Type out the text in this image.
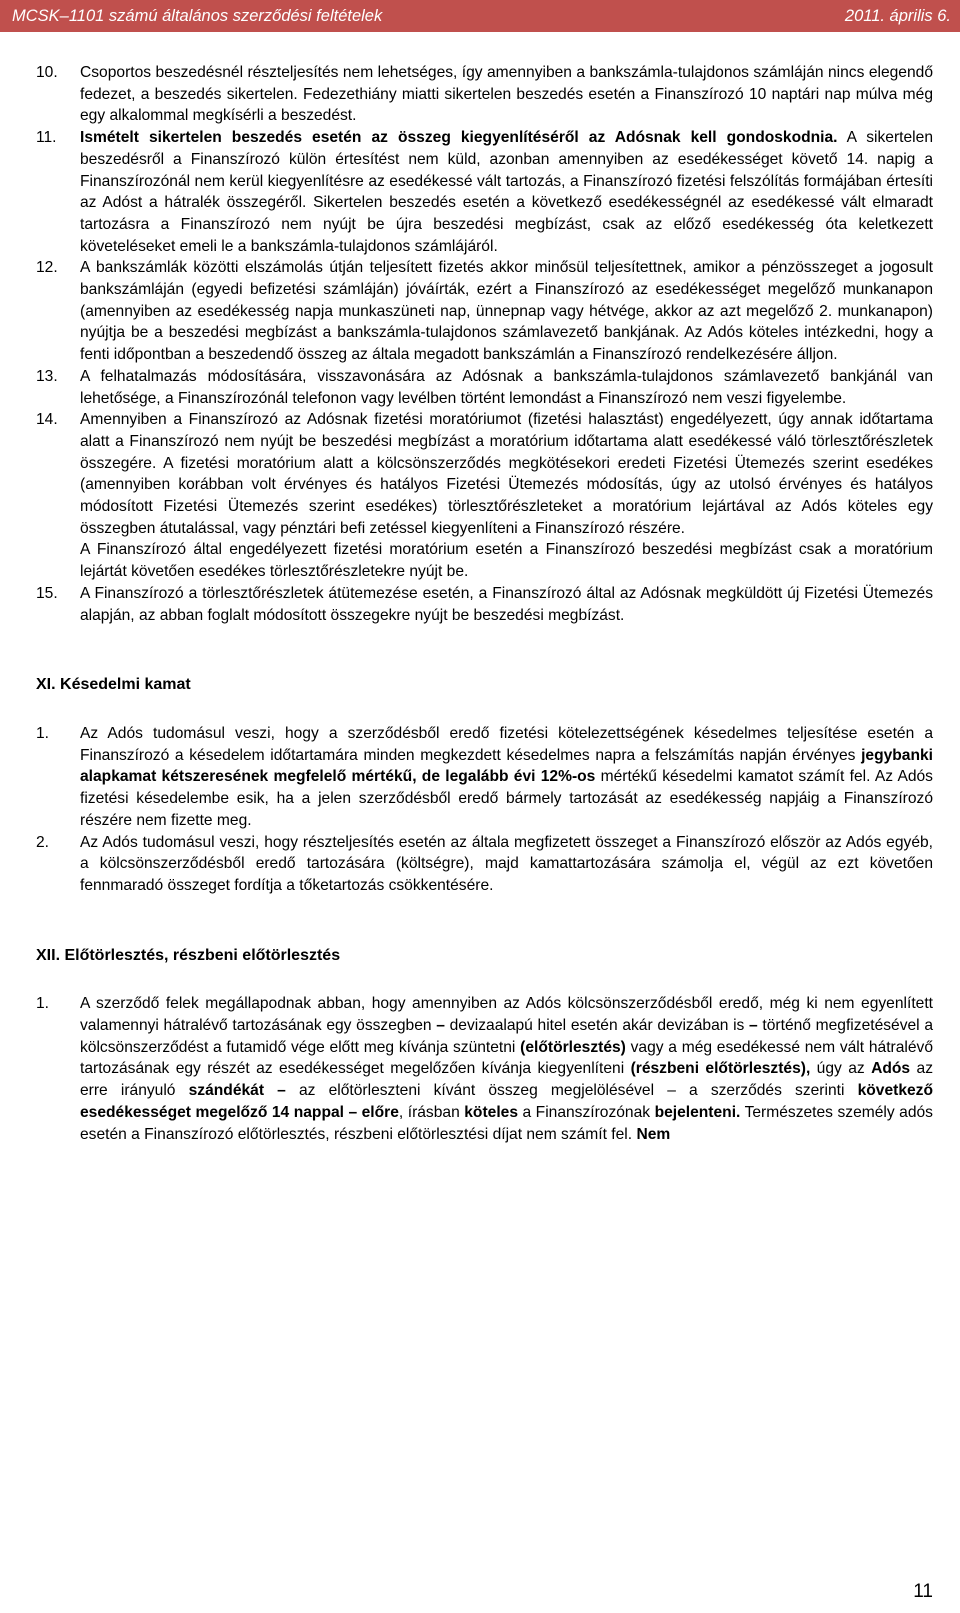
MCSK–1101 számú általános szerződési feltételek	2011. április 6.
10. Csoportos beszedésnél részteljesítés nem lehetséges, így amennyiben a bankszámla-tulajdonos számláján nincs elegendő fedezet, a beszedés sikertelen. Fedezethiány miatti sikertelen beszedés esetén a Finanszírozó 10 naptári nap múlva még egy alkalommal megkísérli a beszedést.

11. Ismételt sikertelen beszedés esetén az összeg kiegyenlítéséről az Adósnak kell gondoskodnia. A sikertelen beszedésről a Finanszírozó külön értesítést nem küld, azonban amennyiben az esedékességet követő 14. napig a Finanszírozónál nem kerül kiegyenlítésre az esedékessé vált tartozás, a Finanszírozó fizetési felszólítás formájában értesíti az Adóst a hátralék összegéről. Sikertelen beszedés esetén a következő esedékességnél az esedékessé vált elmaradt tartozásra a Finanszírozó nem nyújt be újra beszedési megbízást, csak az előző esedékesség óta keletkezett követeléseket emeli le a bankszámla-tulajdonos számlájáról.

12. A bankszámlák közötti elszámolás útján teljesített fizetés akkor minősül teljesítettnek, amikor a pénzösszeget a jogosult bankszámláján (egyedi befizetési számláján) jóváírták, ezért a Finanszírozó az esedékességet megelőző munkanapon (amennyiben az esedékesség napja munkaszüneti nap, ünnepnap vagy hétvége, akkor az azt megelőző 2. munkanapon) nyújtja be a beszedési megbízást a bankszámla-tulajdonos számlavezető bankjának. Az Adós köteles intézkedni, hogy a fenti időpontban a beszedendő összeg az általa megadott bankszámlán a Finanszírozó rendelkezésére álljon.

13. A felhatalmazás módosítására, visszavonására az Adósnak a bankszámla-tulajdonos számlavezető bankjánál van lehetősége, a Finanszírozónál telefonon vagy levélben történt lemondást a Finanszírozó nem veszi figyelembe.

14. Amennyiben a Finanszírozó az Adósnak fizetési moratóriumot (fizetési halasztást) engedélyezett, úgy annak időtartama alatt a Finanszírozó nem nyújt be beszedési megbízást a moratórium időtartama alatt esedékessé váló törlesztőrészletek összegére. A fizetési moratórium alatt a kölcsönszerződés megkötésekori eredeti Fizetési Ütemezés szerint esedékes (amennyiben korábban volt érvényes és hatályos Fizetési Ütemezés módosítás, úgy az utolsó érvényes és hatályos módosított Fizetési Ütemezés szerint esedékes) törlesztőrészleteket a moratórium lejártával az Adós köteles egy összegben átutalással, vagy pénztári befi zetéssel kiegyenlíteni a Finanszírozó részére.

A Finanszírozó által engedélyezett fizetési moratórium esetén a Finanszírozó beszedési megbízást csak a moratórium lejártát követően esedékes törlesztőrészletekre nyújt be.

15. A Finanszírozó a törlesztőrészletek átütemezése esetén, a Finanszírozó által az Adósnak megküldött új Fizetési Ütemezés alapján, az abban foglalt módosított összegekre nyújt be beszedési megbízást.

XI. Késedelmi kamat
1. Az Adós tudomásul veszi, hogy a szerződésből eredő fizetési kötelezettségének késedelmes teljesítése esetén a Finanszírozó a késedelem időtartamára minden megkezdett késedelmes napra a felszámítás napján érvényes jegybanki alapkamat kétszeresének megfelelő mértékű, de legalább évi 12%-os mértékű késedelmi kamatot számít fel. Az Adós fizetési késedelembe esik, ha a jelen szerződésből eredő bármely tartozását az esedékesség napjáig a Finanszírozó részére nem fizette meg.

2. Az Adós tudomásul veszi, hogy részteljesítés esetén az általa megfizetett összeget a Finanszírozó először az Adós egyéb, a kölcsönszerződésből eredő tartozására (költségre), majd kamattartozására számolja el, végül az ezt követően fennmaradó összeget fordítja a tőketartozás csökkentésére.

XII. Előtörlesztés, részbeni előtörlesztés
1. A szerződő felek megállapodnak abban, hogy amennyiben az Adós kölcsönszerződésből eredő, még ki nem egyenlített valamennyi hátralévő tartozásának egy összegben – devizaalapú hitel esetén akár devizában is – történő megfizetésével a kölcsönszerződést a futamidő vége előtt meg kívánja szüntetni (előtörlesztés) vagy a még esedékessé nem vált hátralévő tartozásának egy részét az esedékességet megelőzően kívánja kiegyenlíteni (részbeni előtörlesztés), úgy az Adós az erre irányuló szándékát – az előtörleszteni kívánt összeg megjelölésével – a szerződés szerinti következő esedékességet megelőző 14 nappal – előre, írásban köteles a Finanszírozónak bejelenteni. Természetes személy adós esetén a Finanszírozó előtörlesztés, részbeni előtörlesztési díjat nem számít fel. Nem

11
